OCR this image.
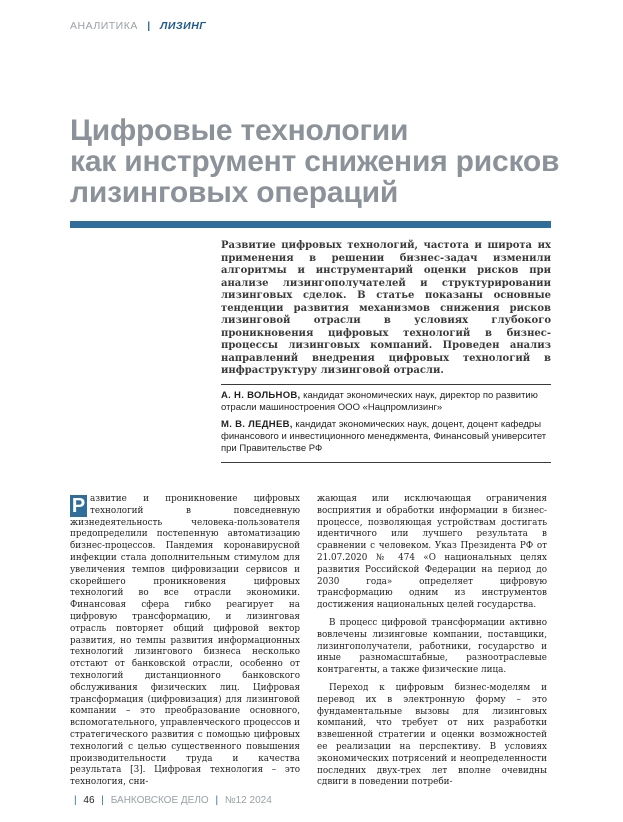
АНАЛИТИКА | ЛИЗИНГ
Цифровые технологии
как инструмент снижения рисков
лизинговых операций
Развитие цифровых технологий, частота и широта их применения в решении бизнес-задач изменили алгоритмы и инструментарий оценки рисков при анализе лизингополучателей и структурировании лизинговых сделок. В статье показаны основные тенденции развития механизмов снижения рисков лизинговой отрасли в условиях глубокого проникновения цифровых технологий в бизнес-процессы лизинговых компаний. Проведен анализ направлений внедрения цифровых технологий в инфраструктуру лизинговой отрасли.
А. Н. ВОЛЬНОВ, кандидат экономических наук, директор по развитию отрасли машиностроения ООО «Нацпромлизинг»
М. В. ЛЕДНЕВ, кандидат экономических наук, доцент, доцент кафедры финансового и инвестиционного менеджмента, Финансовый университет при Правительстве РФ

Р азвитие и проникновение цифровых технологий в повседневную жизнедеятельность человека-пользователя предопределили постепенную автоматизацию бизнес-процессов. Пандемия коронавирусной инфекции стала дополнительным стимулом для увеличения темпов цифровизации сервисов и скорейшего проникновения цифровых технологий во все отрасли экономики. Финансовая сфера гибко реагирует на цифровую трансформацию, и лизинговая отрасль повторяет общий цифровой вектор развития, но темпы развития информационных технологий лизингового бизнеса несколько отстают от банковской отрасли, особенно от технологий дистанционного банковского обслуживания физических лиц. Цифровая трансформация (цифровизация) для лизинговой компании – это преобразование основного, вспомогательного, управленческого процессов и стратегического развития с помощью цифровых технологий с целью существенного повышения производительности труда и качества результата [3]. Цифровая технология – это технология, сни-

жающая или исключающая ограничения восприятия и обработки информации в бизнес-процессе, позволяющая устройствам достигать идентичного или лучшего результата в сравнении с человеком. Указ Президента РФ от 21.07.2020 № 474 «О национальных целях развития Российской Федерации на период до 2030 года» определяет цифровую трансформацию одним из инструментов достижения национальных целей государства.

В процесс цифровой трансформации активно вовлечены лизинговые компании, поставщики, лизингополучатели, работники, государство и иные разномасштабные, разноотраслевые контрагенты, а также физические лица.

Переход к цифровым бизнес-моделям и перевод их в электронную форму – это фундаментальные вызовы для лизинговых компаний, что требует от них разработки взвешенной стратегии и оценки возможностей ее реализации на перспективу. В условиях экономических потрясений и неопределенности последних двух-трех лет вполне очевидны сдвиги в поведении потреби-

| 46 | БАНКОВСКОЕ ДЕЛО | №12 2024
